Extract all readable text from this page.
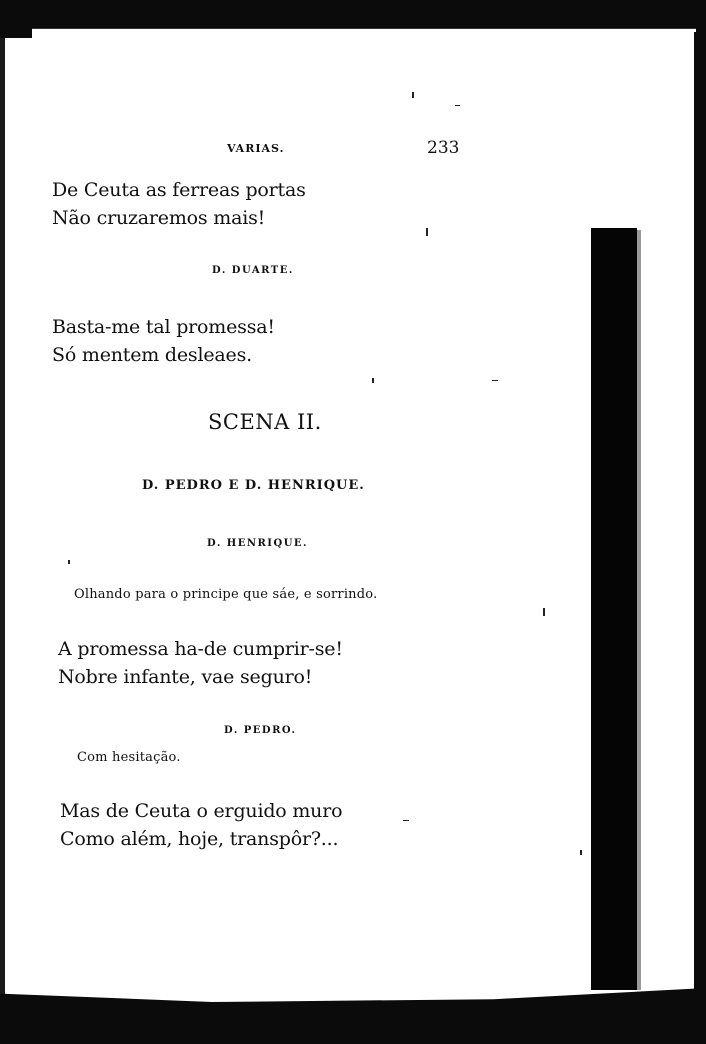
VARIAS.	233
De Ceuta as ferreas portas
Não cruzaremos mais!
D. DUARTE.
Basta-me tal promessa!
Só mentem desleaes.
SCENA II.
D. PEDRO E D. HENRIQUE.
D. HENRIQUE.
Olhando para o principe que sáe, e sorrindo.
A promessa ha-de cumprir-se!
Nobre infante, vae seguro!
D. PEDRO.
Com hesitação.
Mas de Ceuta o erguido muro
Como além, hoje, transpôr?...
